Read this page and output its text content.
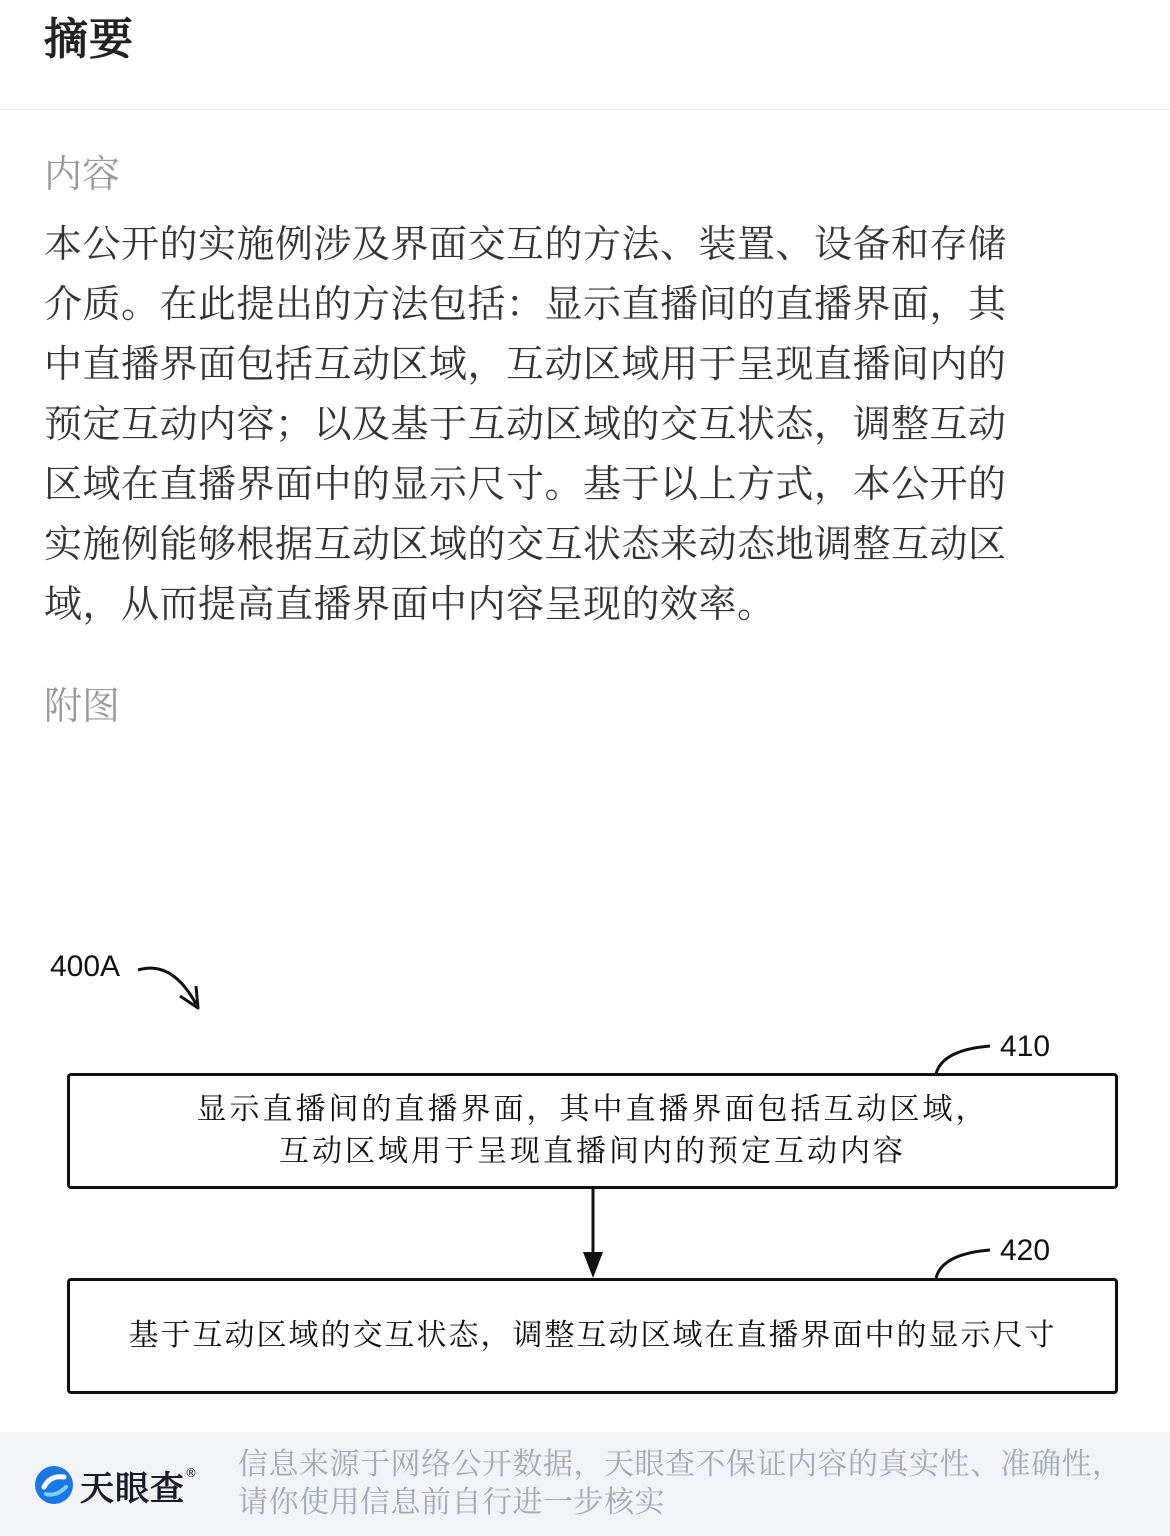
摘要
内容
本公开的实施例涉及界面交互的方法、装置、设备和存储
介质。在此提出的方法包括：显示直播间的直播界面，其
中直播界面包括互动区域，互动区域用于呈现直播间内的
预定互动内容；以及基于互动区域的交互状态，调整互动
区域在直播界面中的显示尺寸。基于以上方式，本公开的
实施例能够根据互动区域的交互状态来动态地调整互动区
域，从而提高直播界面中内容呈现的效率。
附图
400A
410
420
显示直播间的直播界面，其中直播界面包括互动区域，
互动区域用于呈现直播间内的预定互动内容
基于互动区域的交互状态，调整互动区域在直播界面中的显示尺寸
天眼查 ® 信息来源于网络公开数据，天眼查不保证内容的真实性、准确性，
请你使用信息前自行进一步核实
